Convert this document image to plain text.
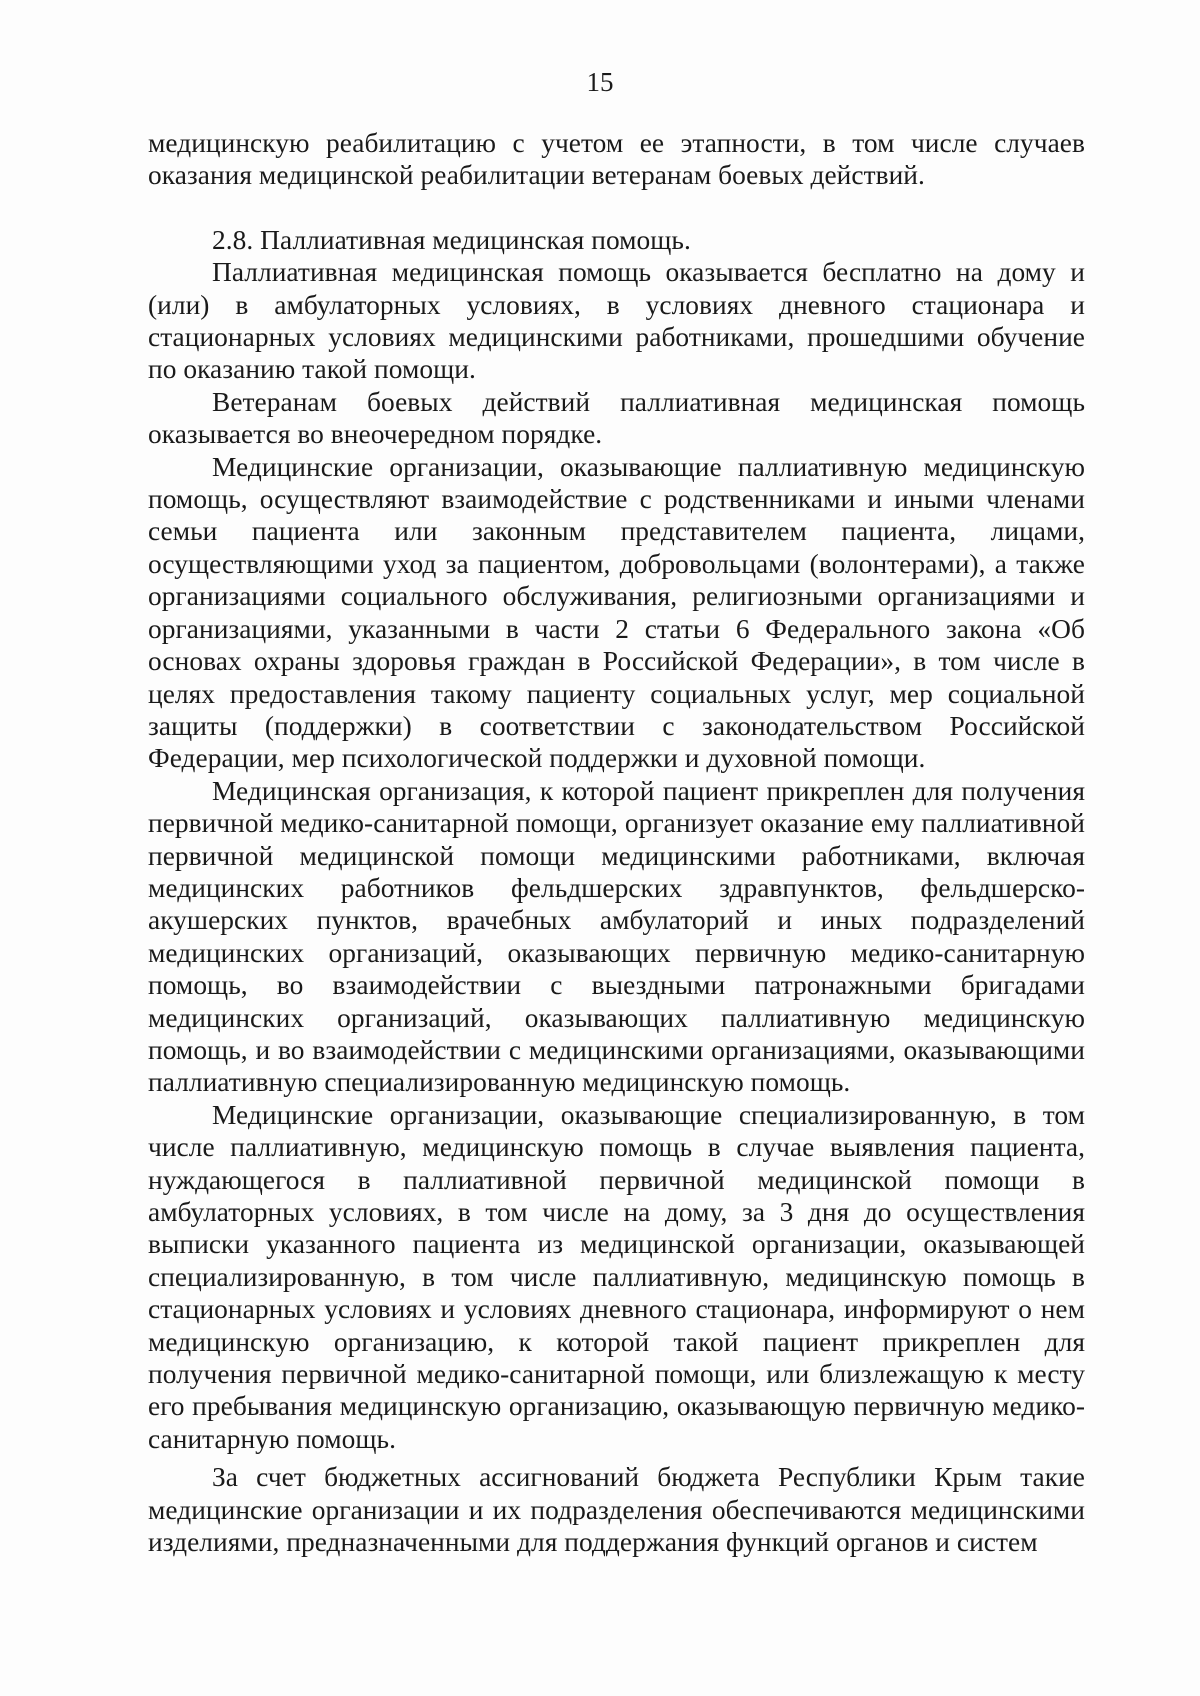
15

медицинскую реабилитацию с учетом ее этапности, в том числе случаев оказания медицинской реабилитации ветеранам боевых действий.

2.8. Паллиативная медицинская помощь.

Паллиативная медицинская помощь оказывается бесплатно на дому и (или) в амбулаторных условиях, в условиях дневного стационара и стационарных условиях медицинскими работниками, прошедшими обучение по оказанию такой помощи.

Ветеранам боевых действий паллиативная медицинская помощь оказывается во внеочередном порядке.

Медицинские организации, оказывающие паллиативную медицинскую помощь, осуществляют взаимодействие с родственниками и иными членами семьи пациента или законным представителем пациента, лицами, осуществляющими уход за пациентом, добровольцами (волонтерами), а также организациями социального обслуживания, религиозными организациями и организациями, указанными в части 2 статьи 6 Федерального закона «Об основах охраны здоровья граждан в Российской Федерации», в том числе в целях предоставления такому пациенту социальных услуг, мер социальной защиты (поддержки) в соответствии с законодательством Российской Федерации, мер психологической поддержки и духовной помощи.

Медицинская организация, к которой пациент прикреплен для получения первичной медико-санитарной помощи, организует оказание ему паллиативной первичной медицинской помощи медицинскими работниками, включая медицинских работников фельдшерских здравпунктов, фельдшерско-акушерских пунктов, врачебных амбулаторий и иных подразделений медицинских организаций, оказывающих первичную медико-санитарную помощь, во взаимодействии с выездными патронажными бригадами медицинских организаций, оказывающих паллиативную медицинскую помощь, и во взаимодействии с медицинскими организациями, оказывающими паллиативную специализированную медицинскую помощь.

Медицинские организации, оказывающие специализированную, в том числе паллиативную, медицинскую помощь в случае выявления пациента, нуждающегося в паллиативной первичной медицинской помощи в амбулаторных условиях, в том числе на дому, за 3 дня до осуществления выписки указанного пациента из медицинской организации, оказывающей специализированную, в том числе паллиативную, медицинскую помощь в стационарных условиях и условиях дневного стационара, информируют о нем медицинскую организацию, к которой такой пациент прикреплен для получения первичной медико-санитарной помощи, или близлежащую к месту его пребывания медицинскую организацию, оказывающую первичную медико-санитарную помощь.

За счет бюджетных ассигнований бюджета Республики Крым такие медицинские организации и их подразделения обеспечиваются медицинскими изделиями, предназначенными для поддержания функций органов и систем
